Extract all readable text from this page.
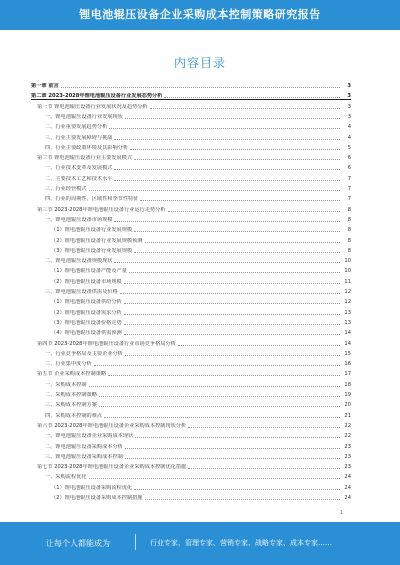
锂电池辊压设备企业采购成本控制策略研究报告
内容目录
第一章 前言	3
第二章 2023-2028年锂电池辊压设备行业发展态势分析	3
第一节 锂电池辊压设备行业发展状况及趋势分析	3
一、锂电池辊压设备行业发展现状	3
二、行业重要发展趋势分析	4
三、行业主要发展障碍与挑战	4
四、行业主要政策环境及其影响分析	5
第二节 锂电池辊压设备行业主要发展模式	6
一、行业技术变革及发展模式	6
二、主要技术工艺和技术水平	7
三、行业经营模式	7
四、行业的周期性、区域性和季节性特征	7
第三节 2023-2028年锂电池辊压设备行业运行走势分析	8
一、锂电池辊压设备市场规模	8
（1）锂电池辊压设备行业发展规模	8
（2）锂电池辊压设备行业发展规模预测	8
（3）锂电池辊压设备行业发展规模	8
二、锂电池辊压设备规模现状	10
（1）锂电池辊压设备产能及产量	10
（2）锂电池辊压设备市场规模	11
三、锂电池辊压设备供需及价格	12
（1）锂电池辊压设备供给分析	12
（2）锂电池辊压设备需求分析	13
（3）锂电池辊压设备价格走势	13
（4）锂电池辊压设备供需预测	14
第四节 2023-2028年锂电池辊压设备行业市场竞争格局分析	14
一、行业竞争格局及主要企业分析	15
二、行业集中度分析	16
第五节 企业采购成本控制策略	17
一、采购成本控制	18
二、采购成本控制策略	19
三、采购成本控制方案	20
四、采购成本控制的难点	21
第六节 2023-2028年锂电池辊压设备企业采购成本控制现状分析	22
一、锂电池辊压设备企业采购成本现状	22
二、锂电池辊压设备采购成本分析	23
三、锂电池辊压设备采购成本控制	23
第七节 2023-2028年锂电池辊压设备企业采购成本控制优化措施	23
一、采购流程优化	24
（1）锂电池辊压设备采购流程优化	24
（2）锂电池辊压设备采购成本控制措施	24
1
让每个人都能成为	行业专家、管理专家、营销专家、战略专家、成本专家……
